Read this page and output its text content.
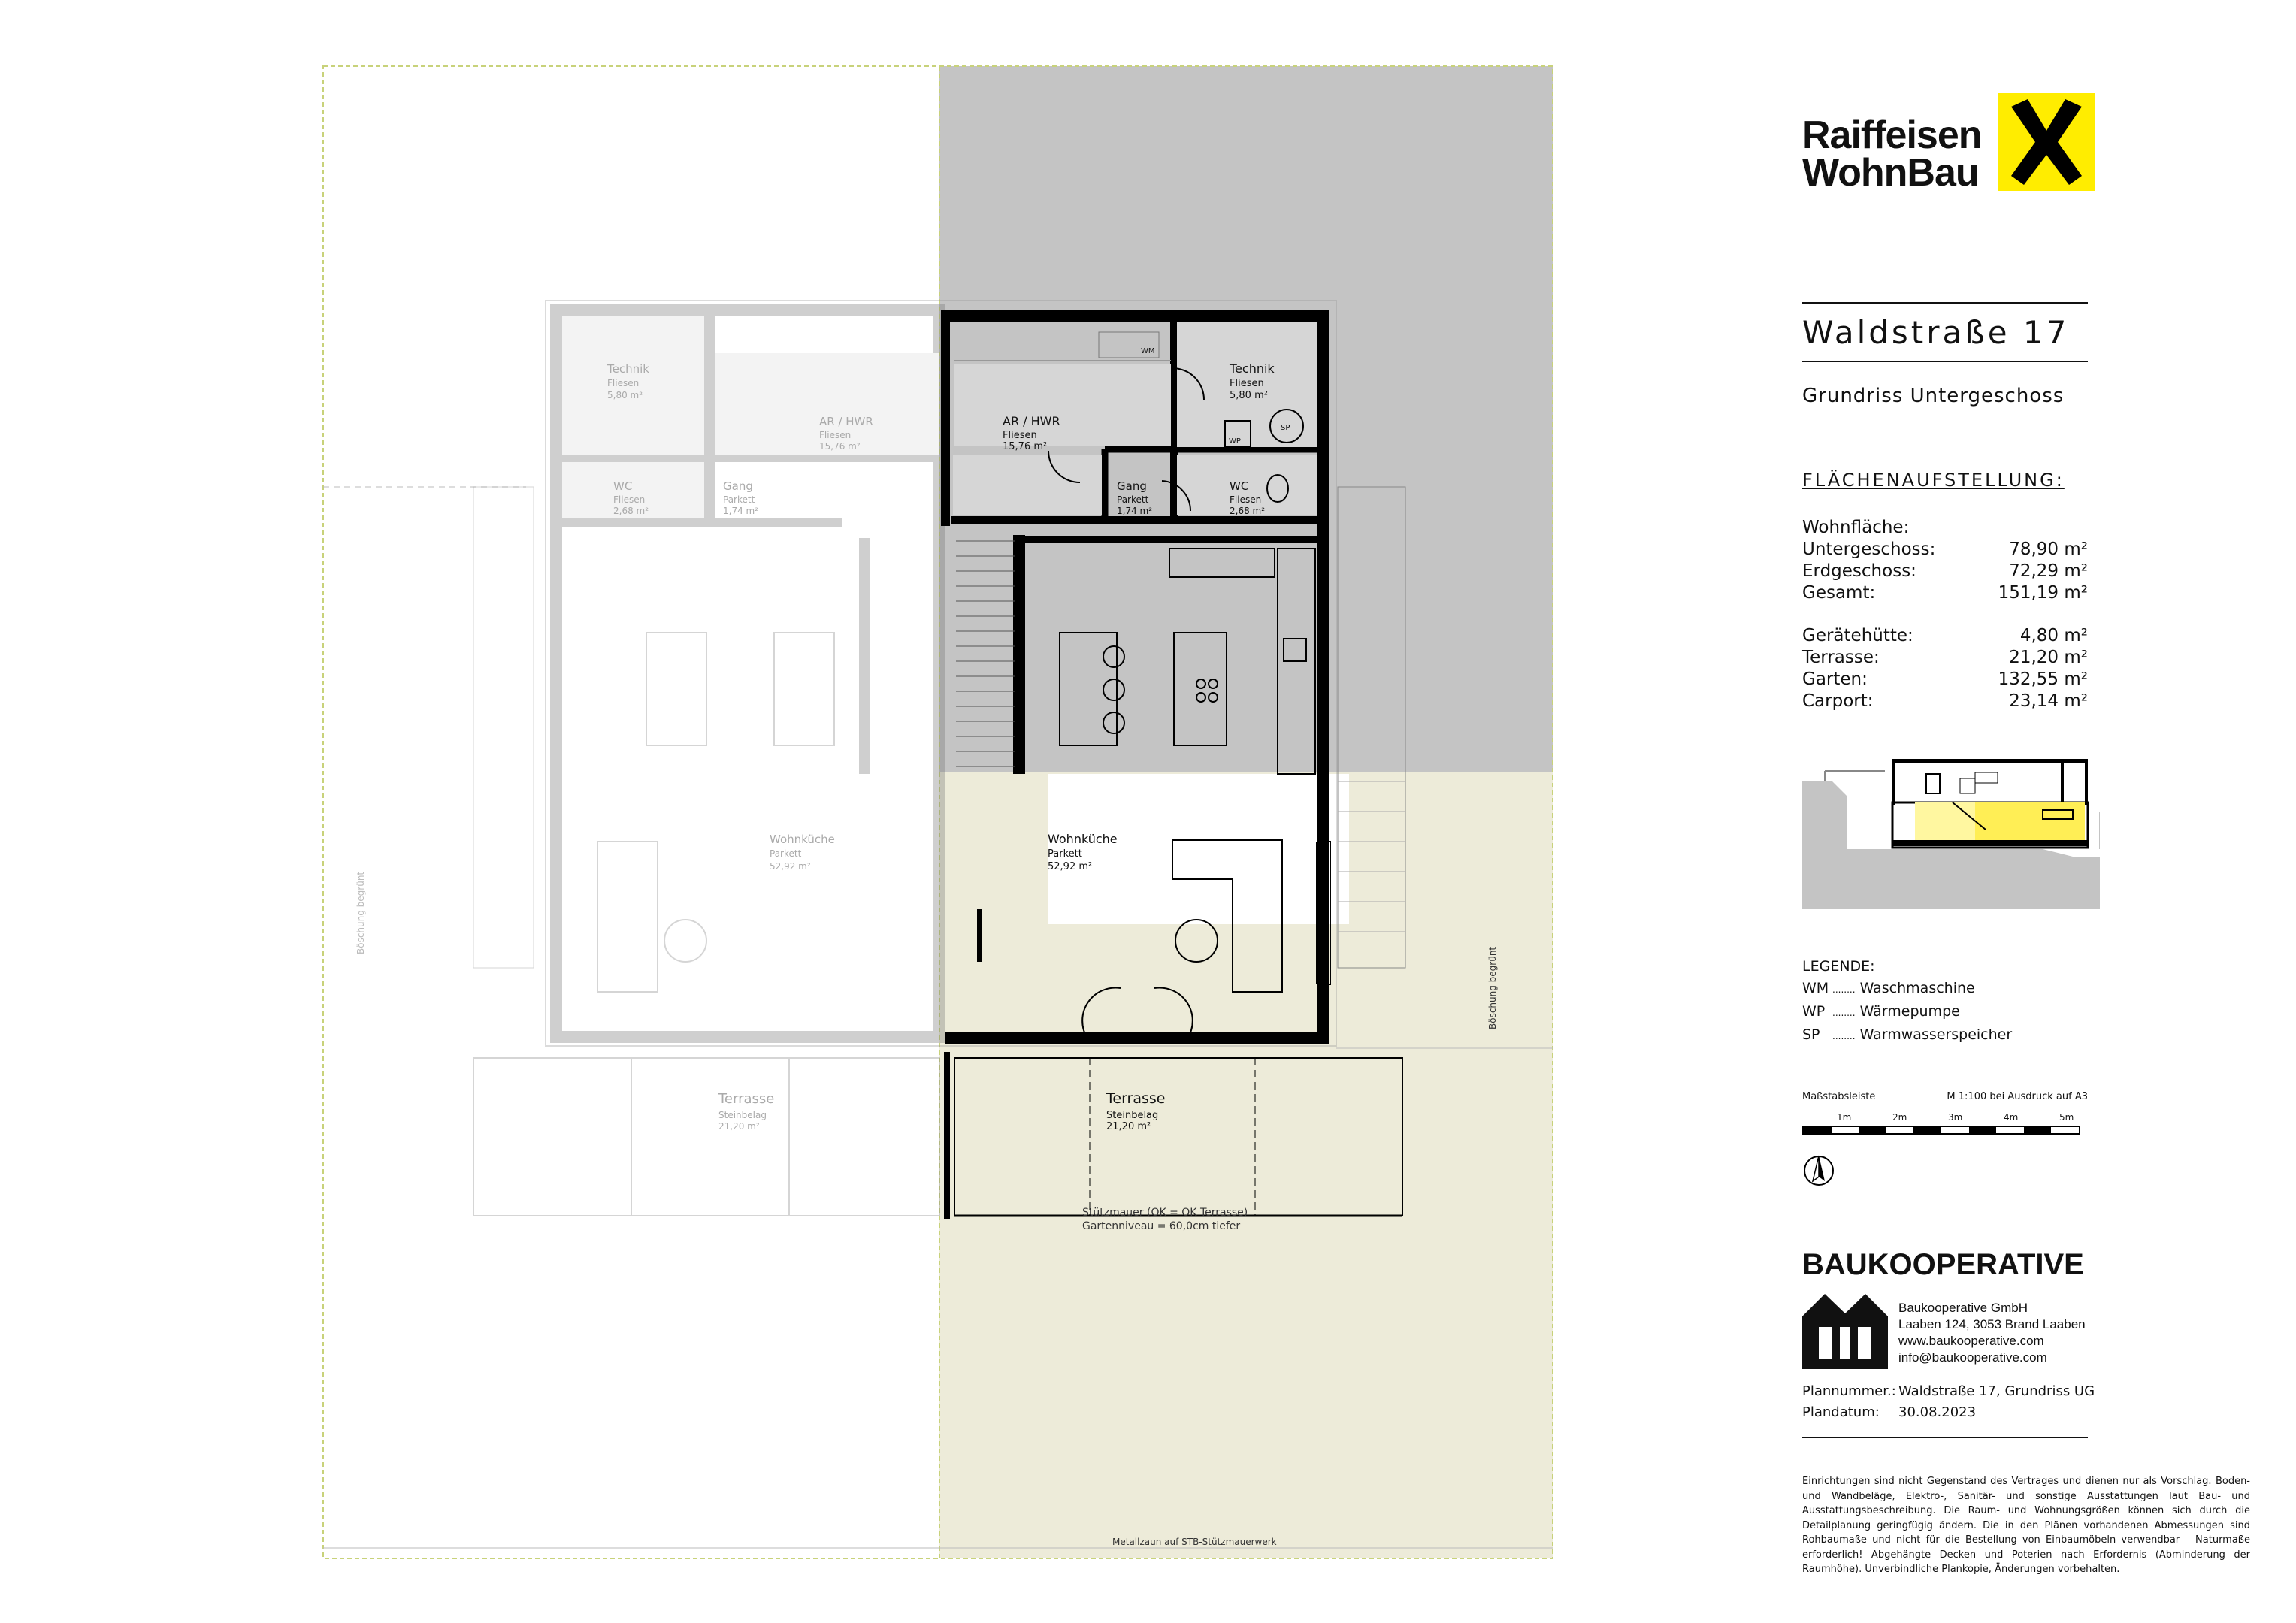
Technik
Fliesen
5,80 m²
AR / HWR
Fliesen
15,76 m²
Gang
Parkett
1,74 m²
WC
Fliesen
2,68 m²
Wohnküche
Parkett
52,92 m²
Terrasse
Steinbelag
21,20 m²
WM
WP
SP
Technik
Fliesen
5,80 m²
AR / HWR
Fliesen
15,76 m²
Gang
Parkett
1,74 m²
WC
Fliesen
2,68 m²
Wohnküche
Parkett
52,92 m²
Terrasse
Steinbelag
21,20 m²
Stützmauer (OK = OK Terrasse)
Gartenniveau = 60,0cm tiefer
Metallzaun auf STB-Stützmauerwerk
Böschung begrünt
Böschung begrünt
Raiffeisen
WohnBau
Waldstraße 17
Grundriss Untergeschoss
FLÄCHENAUFSTELLUNG:
Wohnfläche:
Untergeschoss:	78,90 m²
Erdgeschoss:	72,29 m²
Gesamt:	151,19 m²
Gerätehütte:	4,80 m²
Terrasse:	21,20 m²
Garten:	132,55 m²
Carport:	23,14 m²
LEGENDE:
WM ........ Waschmaschine
WP ........ Wärmepumpe
SP ........ Warmwasserspeicher
Maßstabsleiste	M 1:100 bei Ausdruck auf A3
1m	2m	3m	4m	5m
BAUKOOPERATIVE
Baukooperative GmbH
Laaben 124, 3053 Brand Laaben
www.baukooperative.com
info@baukooperative.com
Plannummer.: Waldstraße 17, Grundriss UG
Plandatum: 30.08.2023
Einrichtungen sind nicht Gegenstand des Vertrages und dienen nur als Vorschlag. Boden- und Wandbeläge, Elektro-, Sanitär- und sonstige Ausstattungen laut Bau- und Ausstattungsbeschreibung. Die Raum- und Wohnungsgrößen können sich durch die Detailplanung geringfügig ändern. Die in den Plänen vorhandenen Abmessungen sind Rohbaumaße und nicht für die Bestellung von Einbaumöbeln verwendbar – Naturmaße erforderlich! Abgehängte Decken und Poterien nach Erfordernis (Abminderung der Raumhöhe). Unverbindliche Plankopie, Änderungen vorbehalten.
